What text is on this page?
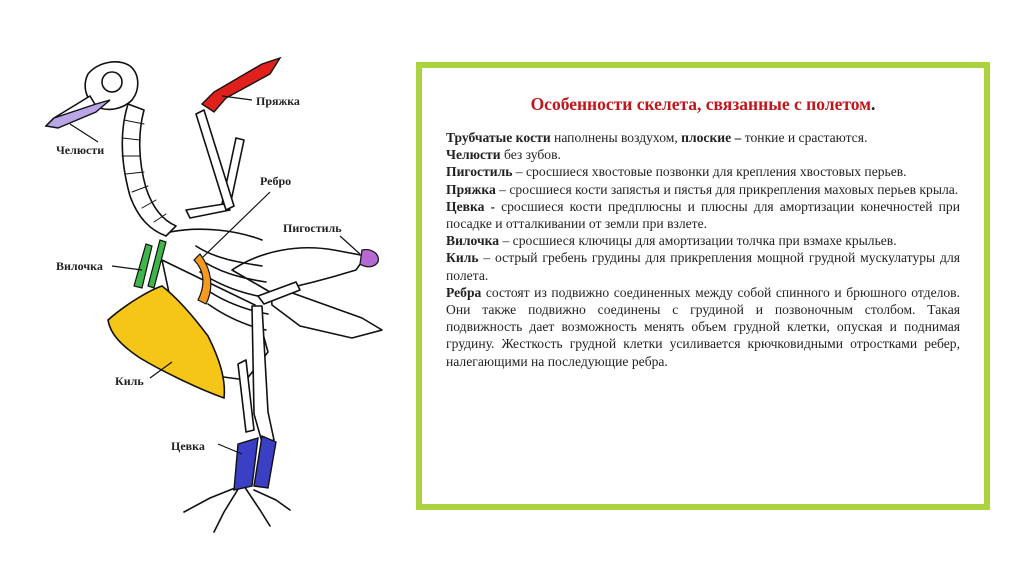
Челюсти
Пряжка
Ребро
Пигостиль
Вилочка
Киль
Цевка
Особенности скелета, связанные с полетом.

Трубчатые кости наполнены воздухом, плоские – тонкие и срастаются.

Челюсти без зубов.

Пигостиль – сросшиеся хвостовые позвонки для крепления хвостовых перьев.

Пряжка – сросшиеся кости запястья и пястья для прикрепления маховых перьев крыла.

Цевка - сросшиеся кости предплюсны и плюсны для амортизации конечностей при посадке и отталкивании от земли при взлете.

Вилочка – сросшиеся ключицы для амортизации толчка при взмахе крыльев.

Киль – острый гребень грудины для прикрепления мощной грудной мускулатуры для полета.

Ребра состоят из подвижно соединенных между собой спинного и брюшного отделов. Они также подвижно соединены с грудиной и позвоночным столбом. Такая подвижность дает возможность менять объем грудной клетки, опуская и поднимая грудину. Жесткость грудной клетки усиливается крючковидными отростками ребер, налегающими на последующие ребра.
